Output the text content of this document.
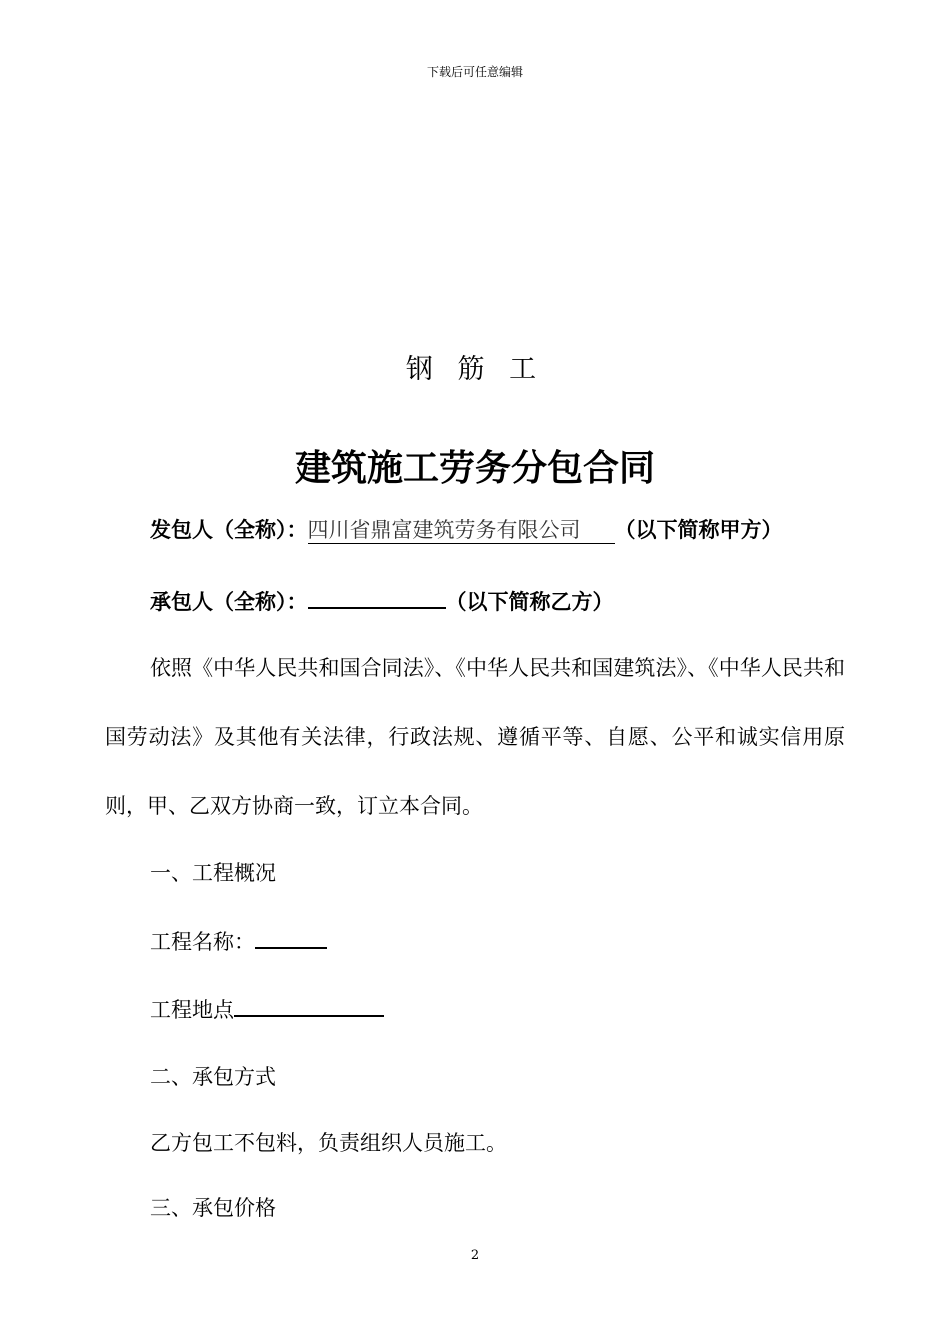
下载后可任意编辑
钢 筋 工
建筑施工劳务分包合同
发包人（全称）：四川省鼎富建筑劳务有限公司 （以下简称甲方）
承包人（全称）：	（以下简称乙方）
依照《中华人民共和国合同法》、《中华人民共和国建筑法》、《中华人民共和国劳动法》及其他有关法律，行政法规、遵循平等、自愿、公平和诚实信用原则，甲、乙双方协商一致，订立本合同。
一、工程概况
工程名称：
工程地点
二、承包方式
乙方包工不包料，负责组织人员施工。
三、承包价格
2
